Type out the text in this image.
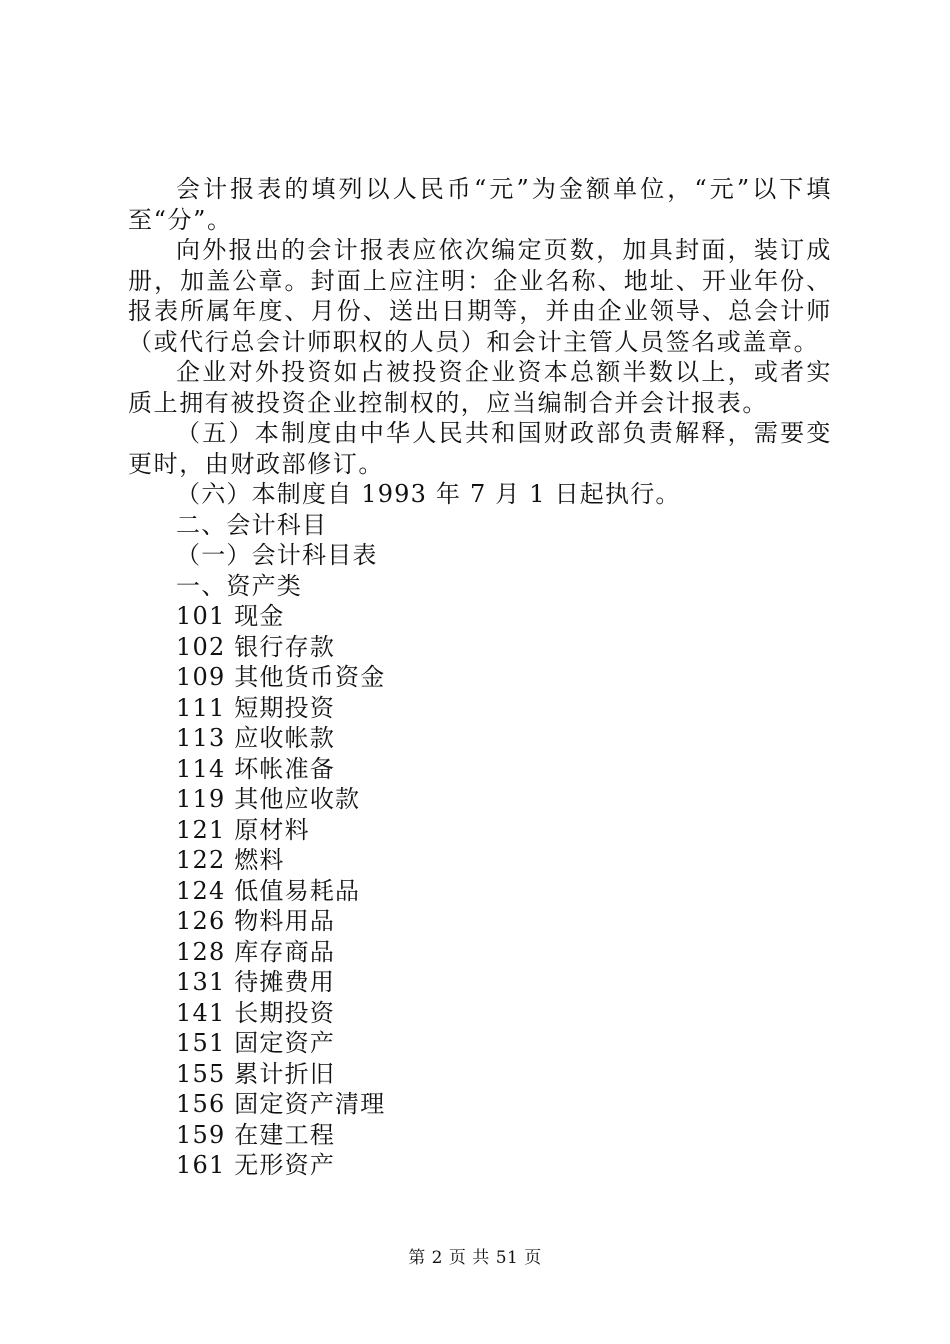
会计报表的填列以人民币“元”为金额单位，“元”以下填至“分”。

向外报出的会计报表应依次编定页数，加具封面，装订成册，加盖公章。封面上应注明：企业名称、地址、开业年份、报表所属年度、月份、送出日期等，并由企业领导、总会计师（或代行总会计师职权的人员）和会计主管人员签名或盖章。

企业对外投资如占被投资企业资本总额半数以上，或者实质上拥有被投资企业控制权的，应当编制合并会计报表。

（五）本制度由中华人民共和国财政部负责解释，需要变更时，由财政部修订。

（六）本制度自 1993 年 7 月 1 日起执行。
二、会计科目
（一）会计科目表
一、资产类
101 现金
102 银行存款
109 其他货币资金
111 短期投资
113 应收帐款
114 坏帐准备
119 其他应收款
121 原材料
122 燃料
124 低值易耗品
126 物料用品
128 库存商品
131 待摊费用
141 长期投资
151 固定资产
155 累计折旧
156 固定资产清理
159 在建工程
161 无形资产
第 2 页 共 51 页
